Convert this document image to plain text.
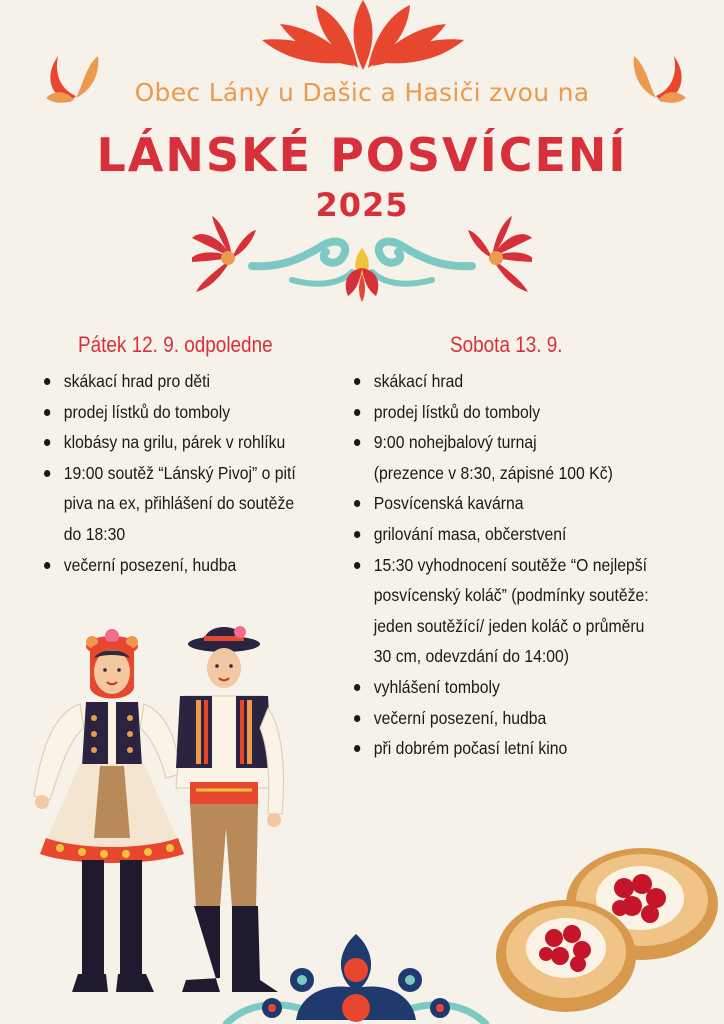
Obec Lány u Dašic a Hasiči zvou na
LÁNSKÉ POSVÍCENÍ
2025
Pátek 12. 9. odpoledne
skákací hrad pro děti
prodej lístků do tomboly
klobásy na grilu, párek v rohlíku
19:00 soutěž “Lánský Pivoj” o pití piva na ex, přihlášení do soutěže do 18:30
večerní posezení, hudba
Sobota 13. 9.
skákací hrad
prodej lístků do tomboly
9:00 nohejbalový turnaj
(prezence v 8:30, zápisné 100 Kč)
Posvícenská kavárna
grilování masa, občerstvení
15:30 vyhodnocení soutěže “O nejlepší posvícenský koláč” (podmínky soutěže: jeden soutěžící/ jeden koláč o průměru 30 cm, odevzdání do 14:00)
vyhlášení tomboly
večerní posezení, hudba
při dobrém počasí letní kino
